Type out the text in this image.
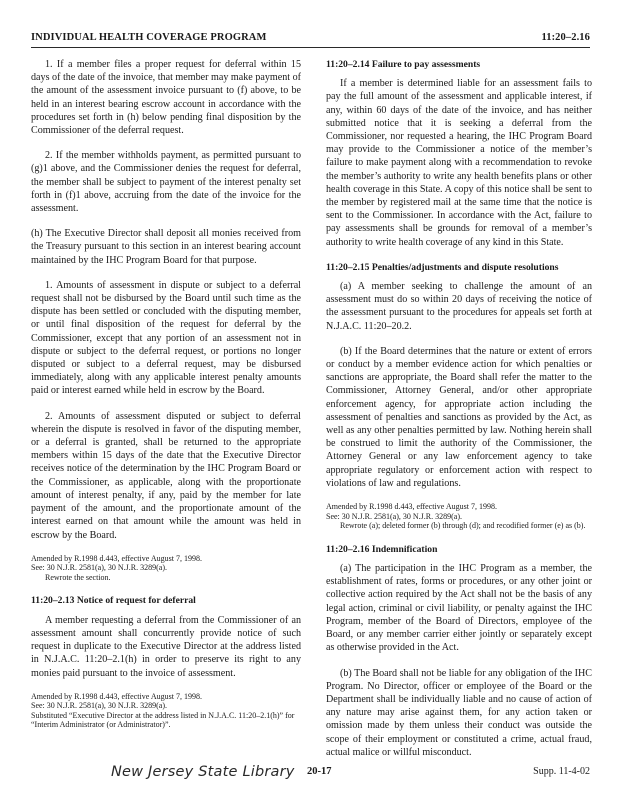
INDIVIDUAL HEALTH COVERAGE PROGRAM	11:20–2.16

1. If a member files a proper request for deferral within 15 days of the date of the invoice, that member may make payment of the amount of the assessment invoice pursuant to (f) above, to be held in an interest bearing escrow account in accordance with the procedures set forth in (h) below pending final disposition by the Commissioner of the deferral request.

2. If the member withholds payment, as permitted pursuant to (g)1 above, and the Commissioner denies the request for deferral, the member shall be subject to payment of the interest penalty set forth in (f)1 above, accruing from the date of the invoice for the assessment.

(h) The Executive Director shall deposit all monies received from the Treasury pursuant to this section in an interest bearing account maintained by the IHC Program Board for that purpose.

1. Amounts of assessment in dispute or subject to a deferral request shall not be disbursed by the Board until such time as the dispute has been settled or concluded with the disputing member, or until final disposition of the request for deferral by the Commissioner, except that any portion of an assessment not in dispute or subject to the deferral request, or portions no longer disputed or subject to a deferral request, may be disbursed immediately, along with any applicable interest penalty amounts paid or interest earned while held in escrow by the Board.

2. Amounts of assessment disputed or subject to deferral wherein the dispute is resolved in favor of the disputing member, or a deferral is granted, shall be returned to the appropriate members within 15 days of the date that the Executive Director receives notice of the determination by the IHC Program Board or the Commissioner, as applicable, along with the proportionate amount of interest penalty, if any, paid by the member for late payment of the amount, and the proportionate amount of the interest earned on that amount while the amount was held in escrow by the Board.

Amended by R.1998 d.443, effective August 7, 1998.
See: 30 N.J.R. 2581(a), 30 N.J.R. 3289(a).
Rewrote the section.
11:20–2.13 Notice of request for deferral

A member requesting a deferral from the Commissioner of an assessment amount shall concurrently provide notice of such request in duplicate to the Executive Director at the address listed in N.J.A.C. 11:20–2.1(h) in order to preserve its right to any monies paid pursuant to the invoice of assessment.

Amended by R.1998 d.443, effective August 7, 1998.
See: 30 N.J.R. 2581(a), 30 N.J.R. 3289(a).
Substituted “Executive Director at the address listed in N.J.A.C. 11:20–2.1(h)” for “Interim Administrator (or Administrator)”.
11:20–2.14 Failure to pay assessments

If a member is determined liable for an assessment fails to pay the full amount of the assessment and applicable interest, if any, within 60 days of the date of the invoice, and has neither submitted notice that it is seeking a deferral from the Commissioner, nor requested a hearing, the IHC Program Board may provide to the Commissioner a notice of the member’s failure to make payment along with a recommendation to revoke the member’s authority to write any health benefits plans or other health coverage in this State. A copy of this notice shall be sent to the member by registered mail at the same time that the notice is sent to the Commissioner. In accordance with the Act, failure to pay assessments shall be grounds for removal of a member’s authority to write health coverage of any kind in this State.

11:20–2.15 Penalties/adjustments and dispute resolutions

(a) A member seeking to challenge the amount of an assessment must do so within 20 days of receiving the notice of the assessment pursuant to the procedures for appeals set forth at N.J.A.C. 11:20–20.2.

(b) If the Board determines that the nature or extent of errors or conduct by a member evidence action for which penalties or sanctions are appropriate, the Board shall refer the matter to the Commissioner, Attorney General, and/or other appropriate enforcement agency, for appropriate action including the assessment of penalties and sanctions as provided by the Act, as well as any other penalties permitted by law. Nothing herein shall be construed to limit the authority of the Commissioner, the Attorney General or any law enforcement agency to take appropriate regulatory or enforcement action with respect to violations of law and regulations.

Amended by R.1998 d.443, effective August 7, 1998.
See: 30 N.J.R. 2581(a), 30 N.J.R. 3289(a).
Rewrote (a); deleted former (b) through (d); and recodified former (e) as (b).
11:20–2.16 Indemnification

(a) The participation in the IHC Program as a member, the establishment of rates, forms or procedures, or any other joint or collective action required by the Act shall not be the basis of any legal action, criminal or civil liability, or penalty against the IHC Program, member of the Board of Directors, employee of the Board, or any member carrier either jointly or separately except as otherwise provided in the Act.

(b) The Board shall not be liable for any obligation of the IHC Program. No Director, officer or employee of the Board or the Department shall be individually liable and no cause of action of any nature may arise against them, for any action taken or omission made by them unless their conduct was outside the scope of their employment or constituted a crime, actual fraud, actual malice or willful misconduct.

New Jersey State Library 20-17	Supp. 11-4-02
